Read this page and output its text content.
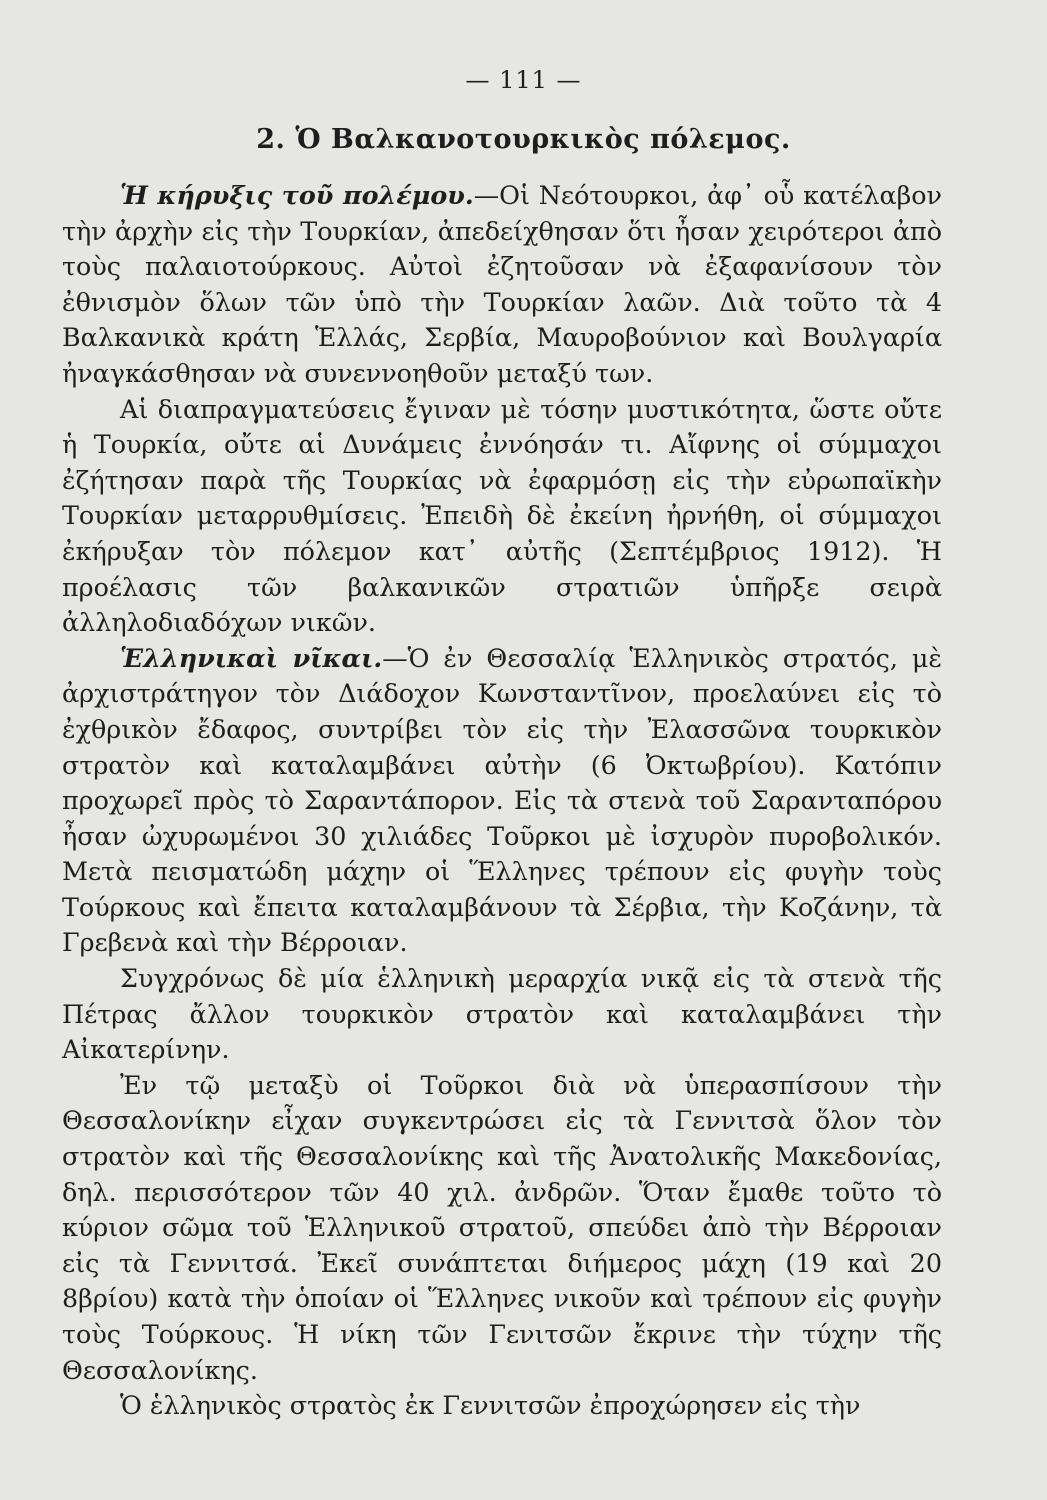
— 111 —
2. Ὁ Βαλκανοτουρκικὸς πόλεμος.

Ἡ κήρυξις τοῦ πολέμου.—Οἱ Νεότουρκοι, ἀφ᾽ οὗ κατέλαβον τὴν ἀρχὴν εἰς τὴν Τουρκίαν, ἀπεδείχθησαν ὅτι ἦσαν χειρότεροι ἀπὸ τοὺς παλαιοτούρκους. Αὐτοὶ ἐζητοῦσαν νὰ ἐξαφανίσουν τὸν ἐθνισμὸν ὅλων τῶν ὑπὸ τὴν Τουρκίαν λαῶν. Διὰ τοῦτο τὰ 4 Βαλκανικὰ κράτη Ἑλλάς, Σερβία, Μαυροβούνιον καὶ Βουλγαρία ἠναγκάσθησαν νὰ συνεννοηθοῦν μεταξύ των.

Αἱ διαπραγματεύσεις ἔγιναν μὲ τόσην μυστικότητα, ὥστε οὔτε ἡ Τουρκία, οὔτε αἱ Δυνάμεις ἐννόησάν τι. Αἴφνης οἱ σύμμαχοι ἐζήτησαν παρὰ τῆς Τουρκίας νὰ ἐφαρμόσῃ εἰς τὴν εὐρωπαϊκὴν Τουρκίαν μεταρρυθμίσεις. Ἐπειδὴ δὲ ἐκείνη ἠρνήθη, οἱ σύμμαχοι ἐκήρυξαν τὸν πόλεμον κατ᾽ αὐτῆς (Σεπτέμβριος 1912). Ἡ προέλασις τῶν βαλκανικῶν στρατιῶν ὑπῆρξε σειρὰ ἀλληλοδιαδόχων νικῶν.

Ἑλληνικαὶ νῖκαι.—Ὁ ἐν Θεσσαλίᾳ Ἑλληνικὸς στρατός, μὲ ἀρχιστράτηγον τὸν Διάδοχον Κωνσταντῖνον, προελαύνει εἰς τὸ ἐχθρικὸν ἔδαφος, συντρίβει τὸν εἰς τὴν Ἐλασσῶνα τουρκικὸν στρατὸν καὶ καταλαμβάνει αὐτὴν (6 Ὀκτωβρίου). Κατόπιν προχωρεῖ πρὸς τὸ Σαραντάπορον. Εἰς τὰ στενὰ τοῦ Σαρανταπόρου ἦσαν ὠχυρωμένοι 30 χιλιάδες Τοῦρκοι μὲ ἰσχυρὸν πυροβολικόν. Μετὰ πεισματώδη μάχην οἱ Ἕλληνες τρέπουν εἰς φυγὴν τοὺς Τούρκους καὶ ἔπειτα καταλαμβάνουν τὰ Σέρβια, τὴν Κοζάνην, τὰ Γρεβενὰ καὶ τὴν Βέρροιαν.

Συγχρόνως δὲ μία ἑλληνικὴ μεραρχία νικᾷ εἰς τὰ στενὰ τῆς Πέτρας ἄλλον τουρκικὸν στρατὸν καὶ καταλαμβάνει τὴν Αἰκατερίνην.

Ἐν τῷ μεταξὺ οἱ Τοῦρκοι διὰ νὰ ὑπερασπίσουν τὴν Θεσσαλονίκην εἶχαν συγκεντρώσει εἰς τὰ Γεννιτσὰ ὅλον τὸν στρατὸν καὶ τῆς Θεσσαλονίκης καὶ τῆς Ἀνατολικῆς Μακεδονίας, δηλ. περισσότερον τῶν 40 χιλ. ἀνδρῶν. Ὅταν ἔμαθε τοῦτο τὸ κύριον σῶμα τοῦ Ἑλληνικοῦ στρατοῦ, σπεύδει ἀπὸ τὴν Βέρροιαν εἰς τὰ Γεννιτσά. Ἐκεῖ συνάπτεται διήμερος μάχη (19 καὶ 20 8βρίου) κατὰ τὴν ὁποίαν οἱ Ἕλληνες νικοῦν καὶ τρέπουν εἰς φυγὴν τοὺς Τούρκους. Ἡ νίκη τῶν Γενιτσῶν ἔκρινε τὴν τύχην τῆς Θεσσαλονίκης.

Ὁ ἑλληνικὸς στρατὸς ἐκ Γεννιτσῶν ἐπροχώρησεν εἰς τὴν
